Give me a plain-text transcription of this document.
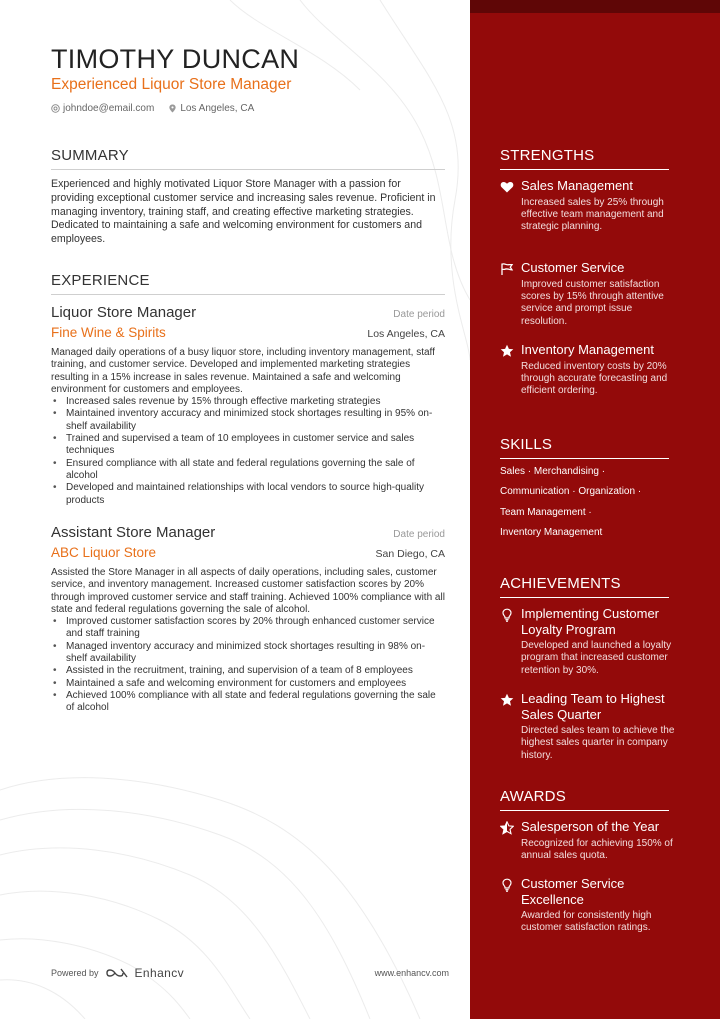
TIMOTHY DUNCAN
Experienced Liquor Store Manager
johndoe@email.com	Los Angeles, CA
SUMMARY
Experienced and highly motivated Liquor Store Manager with a passion for providing exceptional customer service and increasing sales revenue. Proficient in managing inventory, training staff, and creating effective marketing strategies. Dedicated to maintaining a safe and welcoming environment for customers and employees.
EXPERIENCE
Liquor Store Manager	Date period
Fine Wine & Spirits	Los Angeles, CA
Managed daily operations of a busy liquor store, including inventory management, staff training, and customer service. Developed and implemented marketing strategies resulting in a 15% increase in sales revenue. Maintained a safe and welcoming environment for customers and employees.
• Increased sales revenue by 15% through effective marketing strategies
• Maintained inventory accuracy and minimized stock shortages resulting in 95% on-shelf availability
• Trained and supervised a team of 10 employees in customer service and sales techniques
• Ensured compliance with all state and federal regulations governing the sale of alcohol
• Developed and maintained relationships with local vendors to source high-quality products
Assistant Store Manager	Date period
ABC Liquor Store	San Diego, CA
Assisted the Store Manager in all aspects of daily operations, including sales, customer service, and inventory management. Increased customer satisfaction scores by 20% through improved customer service and staff training. Achieved 100% compliance with all state and federal regulations governing the sale of alcohol.
• Improved customer satisfaction scores by 20% through enhanced customer service and staff training
• Managed inventory accuracy and minimized stock shortages resulting in 98% on-shelf availability
• Assisted in the recruitment, training, and supervision of a team of 8 employees
• Maintained a safe and welcoming environment for customers and employees
• Achieved 100% compliance with all state and federal regulations governing the sale of alcohol
Powered by	Enhancv	www.enhancv.com
STRENGTHS
Sales Management
Increased sales by 25% through effective team management and strategic planning.
Customer Service
Improved customer satisfaction scores by 15% through attentive service and prompt issue resolution.
Inventory Management
Reduced inventory costs by 20% through accurate forecasting and efficient ordering.
SKILLS
Sales · Merchandising ·
Communication · Organization ·
Team Management ·
Inventory Management
ACHIEVEMENTS
Implementing Customer Loyalty Program
Developed and launched a loyalty program that increased customer retention by 30%.
Leading Team to Highest Sales Quarter
Directed sales team to achieve the highest sales quarter in company history.
AWARDS
Salesperson of the Year
Recognized for achieving 150% of annual sales quota.
Customer Service Excellence
Awarded for consistently high customer satisfaction ratings.
